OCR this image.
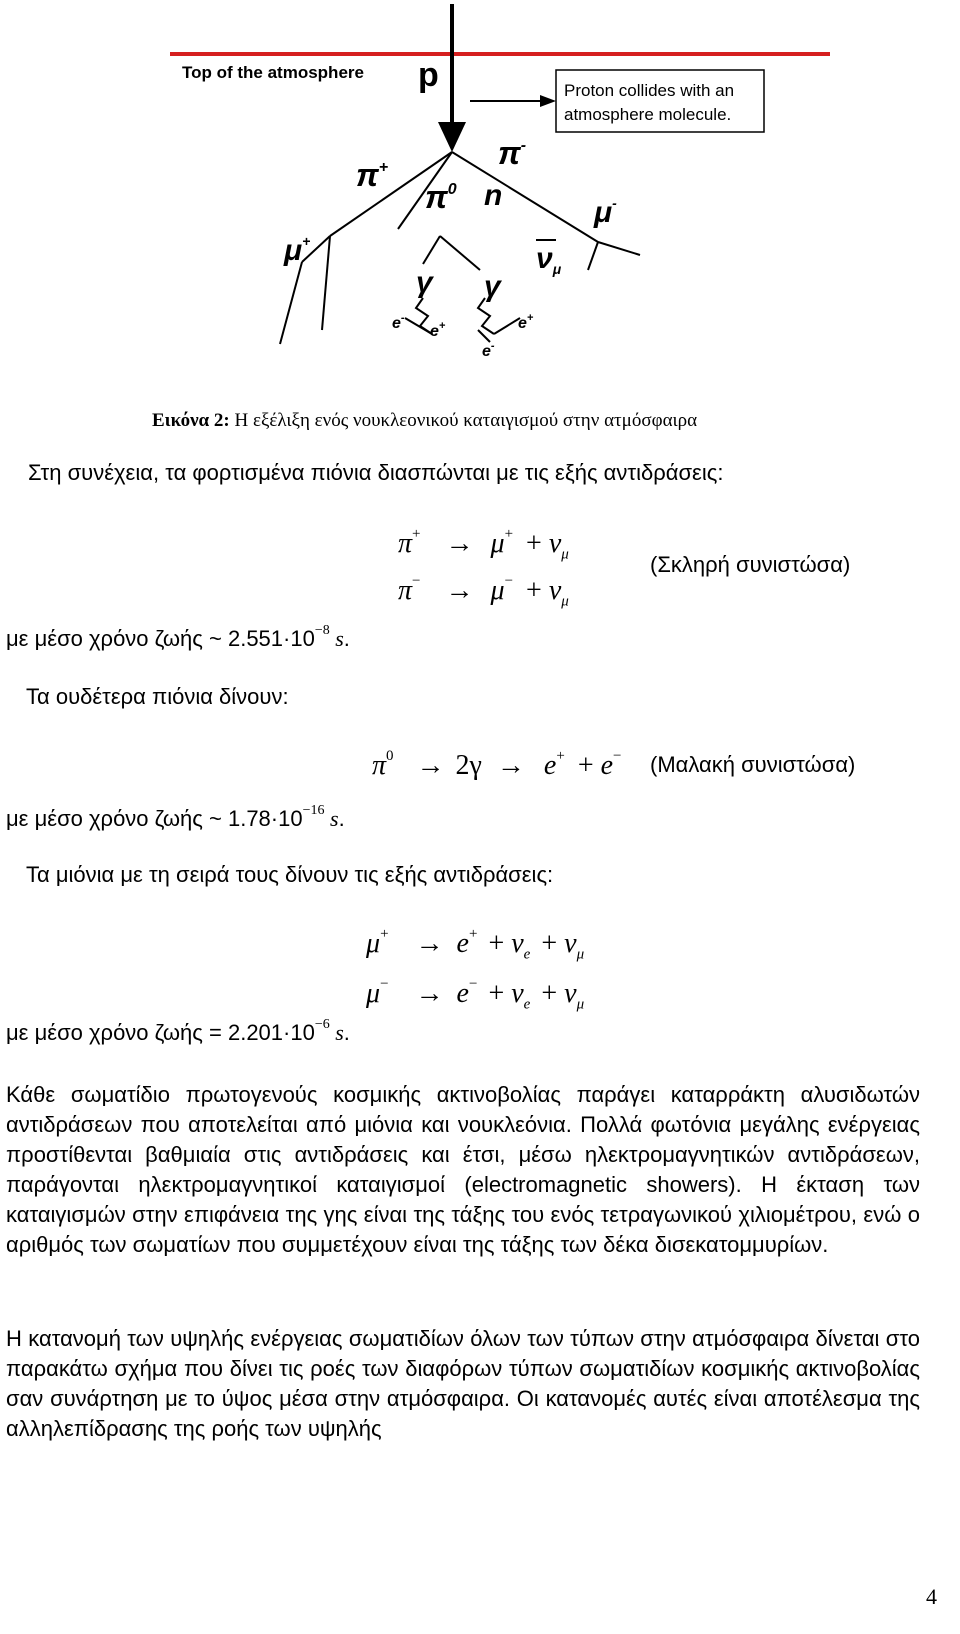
Top of the atmosphere p	Proton collides with an
atmosphere molecule.
π+
$\pi^0$ n
π-
μ+
μ-
$\nu_\mu$
γ γ
e-
e+	e+
e-
Εικόνα 2: Η εξέλιξη ενός νουκλεονικού καταιγισμού στην ατμόσφαιρα
Στη συνέχεια, τα φορτισμένα πιόνια διασπώνται με τις εξής αντιδράσεις:
$\pi^+ \to \mu^+ + \nu_\mu$	(Σκληρή συνιστώσα)
$\pi^- \to \mu^- + \nu_\mu$
με μέσο χρόνο ζωής ~ $2.551\cdot 10^{-8}$ s.
Τα ουδέτερα πιόνια δίνουν:
$\pi^0 \to 2\gamma \to e^+ + e^-$ (Μαλακή συνιστώσα)
με μέσο χρόνο ζωής ~ $1.78\cdot 10^{-16}$ s.
Τα μιόνια με τη σειρά τους δίνουν τις εξής αντιδράσεις:
$\mu^+ \to e^+ + \nu_e + \nu_\mu$
$\mu^- \to e^- + \nu_e + \nu_\mu$
με μέσο χρόνο $\zeta\omega ή\varsigma = 2.201\cdot 10^{-6}$ s.
Κάθε σωματίδιο πρωτογενούς κοσμικής ακτινοβολίας παράγει καταρράκτη αλυσιδωτών αντιδράσεων που αποτελείται από μιόνια και νουκλεόνια. Πολλά φωτόνια μεγάλης ενέργειας προστίθενται βαθμιαία στις αντιδράσεις και έτσι, μέσω ηλεκτρομαγνητικών αντιδράσεων, παράγονται ηλεκτρομαγνητικοί καταιγισμοί (electromagnetic showers). Η έκταση των καταιγισμών στην επιφάνεια της γης είναι της τάξης του ενός τετραγωνικού χιλιομέτρου, ενώ ο αριθμός των σωματίων που συμμετέχουν είναι της τάξης των δέκα δισεκατομμυρίων.
Η κατανομή των υψηλής ενέργειας σωματιδίων όλων των τύπων στην ατμόσφαιρα δίνεται στο παρακάτω σχήμα που δίνει τις ροές των διαφόρων τύπων σωματιδίων κοσμικής ακτινοβολίας σαν συνάρτηση με το ύψος μέσα στην ατμόσφαιρα. Οι κατανομές αυτές είναι αποτέλεσμα της αλληλεπίδρασης της ροής των υψηλής
4
